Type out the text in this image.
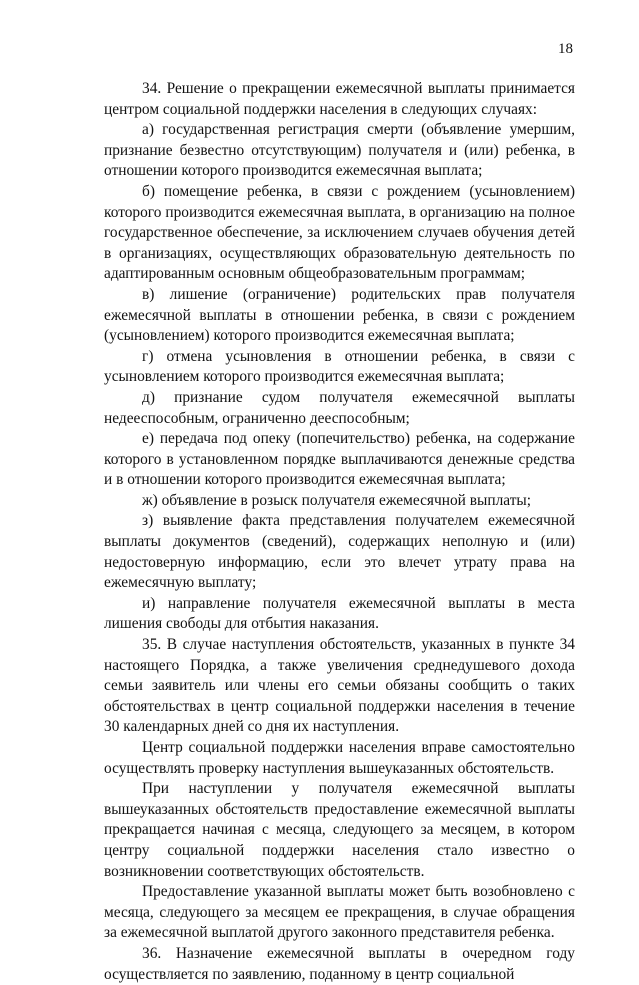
18

34. Решение о прекращении ежемесячной выплаты принимается центром социальной поддержки населения в следующих случаях:

а) государственная регистрация смерти (объявление умершим, признание безвестно отсутствующим) получателя и (или) ребенка, в отношении которого производится ежемесячная выплата;

б) помещение ребенка, в связи с рождением (усыновлением) которого производится ежемесячная выплата, в организацию на полное государственное обеспечение, за исключением случаев обучения детей в организациях, осуществляющих образовательную деятельность по адаптированным основным общеобразовательным программам;

в) лишение (ограничение) родительских прав получателя ежемесячной выплаты в отношении ребенка, в связи с рождением (усыновлением) которого производится ежемесячная выплата;

г) отмена усыновления в отношении ребенка, в связи с усыновлением которого производится ежемесячная выплата;

д) признание судом получателя ежемесячной выплаты недееспособным, ограниченно дееспособным;

е) передача под опеку (попечительство) ребенка, на содержание которого в установленном порядке выплачиваются денежные средства и в отношении которого производится ежемесячная выплата;

ж) объявление в розыск получателя ежемесячной выплаты;

з) выявление факта представления получателем ежемесячной выплаты документов (сведений), содержащих неполную и (или) недостоверную информацию, если это влечет утрату права на ежемесячную выплату;

и) направление получателя ежемесячной выплаты в места лишения свободы для отбытия наказания.

35. В случае наступления обстоятельств, указанных в пункте 34 настоящего Порядка, а также увеличения среднедушевого дохода семьи заявитель или члены его семьи обязаны сообщить о таких обстоятельствах в центр социальной поддержки населения в течение 30 календарных дней со дня их наступления.

Центр социальной поддержки населения вправе самостоятельно осуществлять проверку наступления вышеуказанных обстоятельств.

При наступлении у получателя ежемесячной выплаты вышеуказанных обстоятельств предоставление ежемесячной выплаты прекращается начиная с месяца, следующего за месяцем, в котором центру социальной поддержки населения стало известно о возникновении соответствующих обстоятельств.

Предоставление указанной выплаты может быть возобновлено с месяца, следующего за месяцем ее прекращения, в случае обращения за ежемесячной выплатой другого законного представителя ребенка.

36. Назначение ежемесячной выплаты в очередном году осуществляется по заявлению, поданному в центр социальной
